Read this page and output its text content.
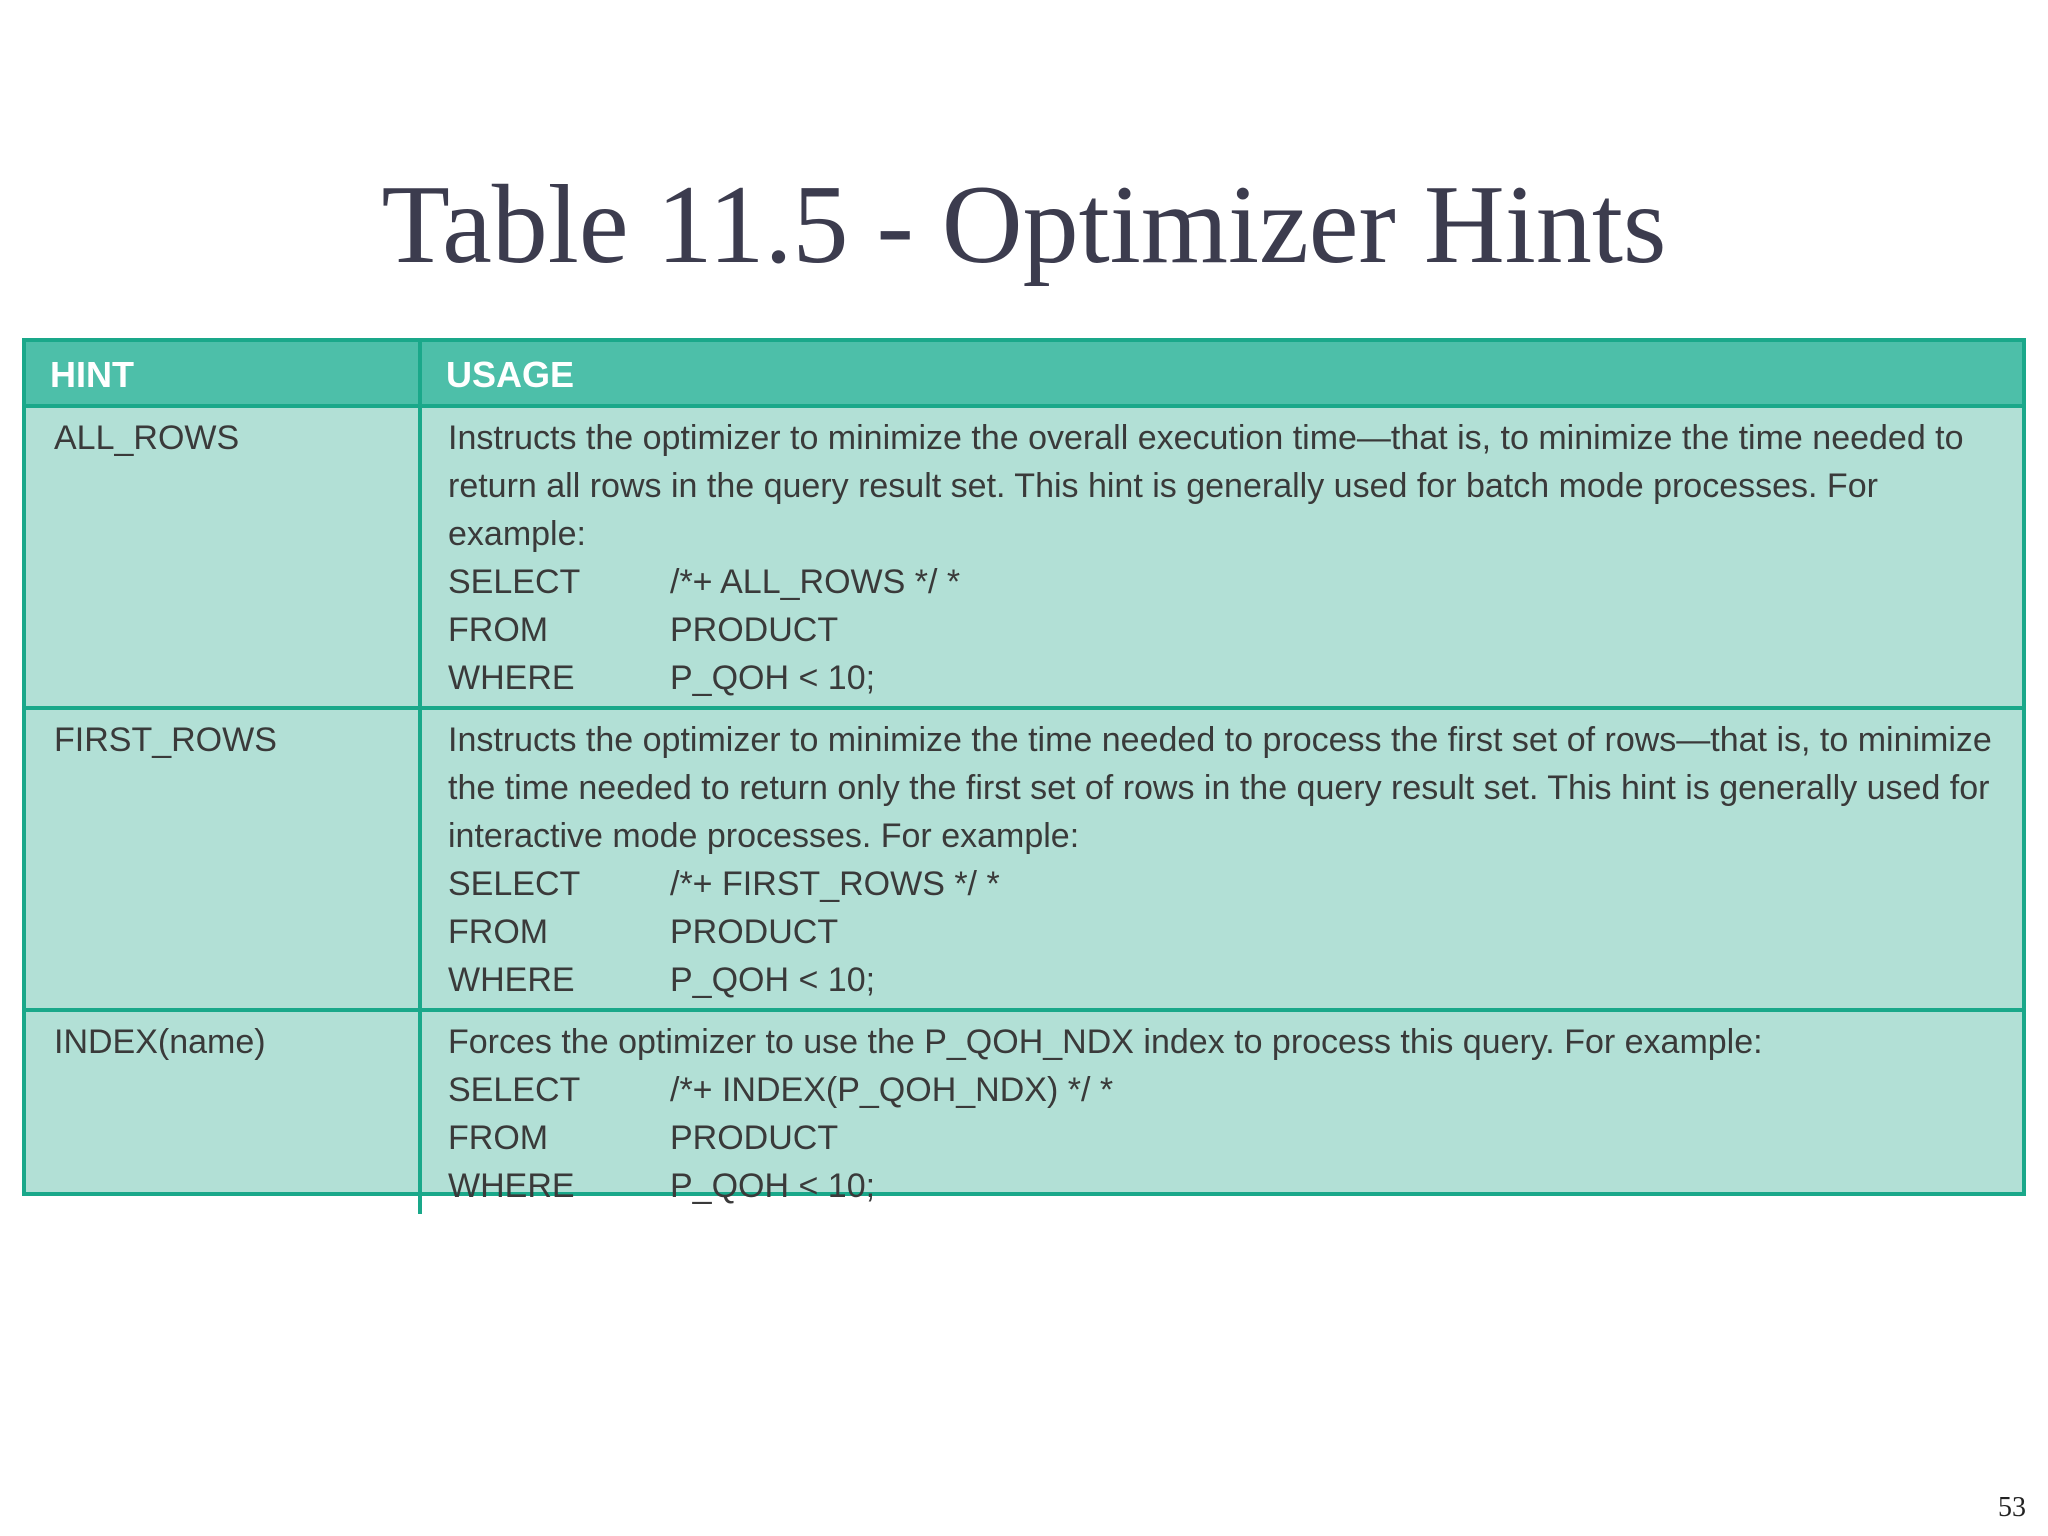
Table 11.5 - Optimizer Hints
HINT	USAGE
ALL_ROWS	Instructs the optimizer to minimize the overall execution time—that is, to minimize the time needed to return all rows in the query result set. This hint is generally used for batch mode processes. For example:
SELECT /*+ ALL_ROWS */ *
FROM PRODUCT
WHERE P_QOH < 10;

FIRST_ROWS	Instructs the optimizer to minimize the time needed to process the first set of rows—that is, to minimize the time needed to return only the first set of rows in the query result set. This hint is generally used for interactive mode processes. For example:
SELECT /*+ FIRST_ROWS */ *
FROM PRODUCT
WHERE P_QOH < 10;

INDEX(name)	Forces the optimizer to use the P_QOH_NDX index to process this query. For example:
SELECT /*+ INDEX(P_QOH_NDX) */ *
FROM PRODUCT
WHERE P_QOH < 10;
53
